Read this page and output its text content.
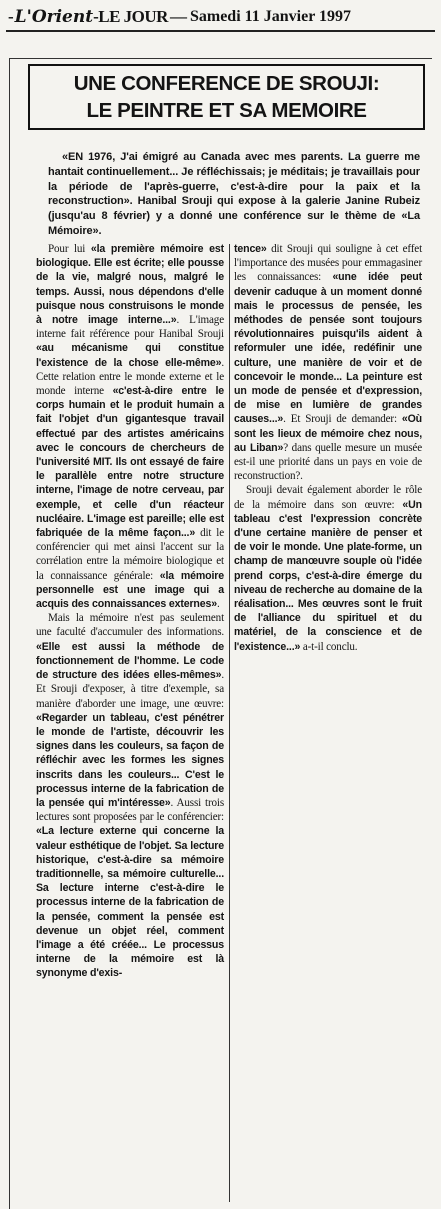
- L'Orient -LE JOUR — Samedi 11 Janvier 1997
UNE CONFERENCE DE SROUJI:
LE PEINTRE ET SA MEMOIRE

«EN 1976, J'ai émigré au Canada avec mes parents. La guerre me hantait continuellement... Je réfléchissais; je méditais; je travaillais pour la période de l'après-guerre, c'est-à-dire pour la paix et la reconstruction». Hanibal Srouji qui expose à la galerie Janine Rubeiz (jusqu'au 8 février) y a donné une conférence sur le thème de «La Mémoire».

Pour lui «la première mémoire est biologique. Elle est écrite; elle pousse de la vie, malgré nous, malgré le temps. Aussi, nous dépendons d'elle puisque nous construisons le monde à notre image interne...». L'image interne fait référence pour Hanibal Srouji «au mécanisme qui constitue l'existence de la chose elle-même». Cette relation entre le monde externe et le monde interne «c'est-à-dire entre le corps humain et le produit humain a fait l'objet d'un gigantesque travail effectué par des artistes américains avec le concours de chercheurs de l'université MIT. Ils ont essayé de faire le parallèle entre notre structure interne, l'image de notre cerveau, par exemple, et celle d'un réacteur nucléaire. L'image est pareille; elle est fabriquée de la même façon...» dit le conférencier qui met ainsi l'accent sur la corrélation entre la mémoire biologique et la connaissance générale: «la mémoire personnelle est une image qui a acquis des connaissances externes».

Mais la mémoire n'est pas seulement une faculté d'accumuler des informations. «Elle est aussi la méthode de fonctionnement de l'homme. Le code de structure des idées elles-mêmes». Et Srouji d'exposer, à titre d'exemple, sa manière d'aborder une image, une œuvre: «Regarder un tableau, c'est pénétrer le monde de l'artiste, découvrir les signes dans les couleurs, sa façon de réfléchir avec les formes les signes inscrits dans les couleurs... C'est le processus interne de la fabrication de la pensée qui m'intéresse». Aussi trois lectures sont proposées par le conférencier: «La lecture externe qui concerne la valeur esthétique de l'objet. Sa lecture historique, c'est-à-dire sa mémoire traditionnelle, sa mémoire culturelle... Sa lecture interne c'est-à-dire le processus interne de la fabrication de la pensée, comment la pensée est devenue un objet réel, comment l'image a été créée... Le processus interne de la mémoire est là synonyme d'exis-

tence» dit Srouji qui souligne à cet effet l'importance des musées pour emmagasiner les connaissances: «une idée peut devenir caduque à un moment donné mais le processus de pensée, les méthodes de pensée sont toujours révolutionnaires puisqu'ils aident à reformuler une idée, redéfinir une culture, une manière de voir et de concevoir le monde... La peinture est un mode de pensée et d'expression, de mise en lumière de grandes causes...». Et Srouji de demander: «Où sont les lieux de mémoire chez nous, au Liban»? dans quelle mesure un musée est-il une priorité dans un pays en voie de reconstruction?.

Srouji devait également aborder le rôle de la mémoire dans son œuvre: «Un tableau c'est l'expression concrète d'une certaine manière de penser et de voir le monde. Une plate-forme, un champ de manœuvre souple où l'idée prend corps, c'est-à-dire émerge du niveau de recherche au domaine de la réalisation... Mes œuvres sont le fruit de l'alliance du spirituel et du matériel, de la conscience et de l'existence...» a-t-il conclu.
